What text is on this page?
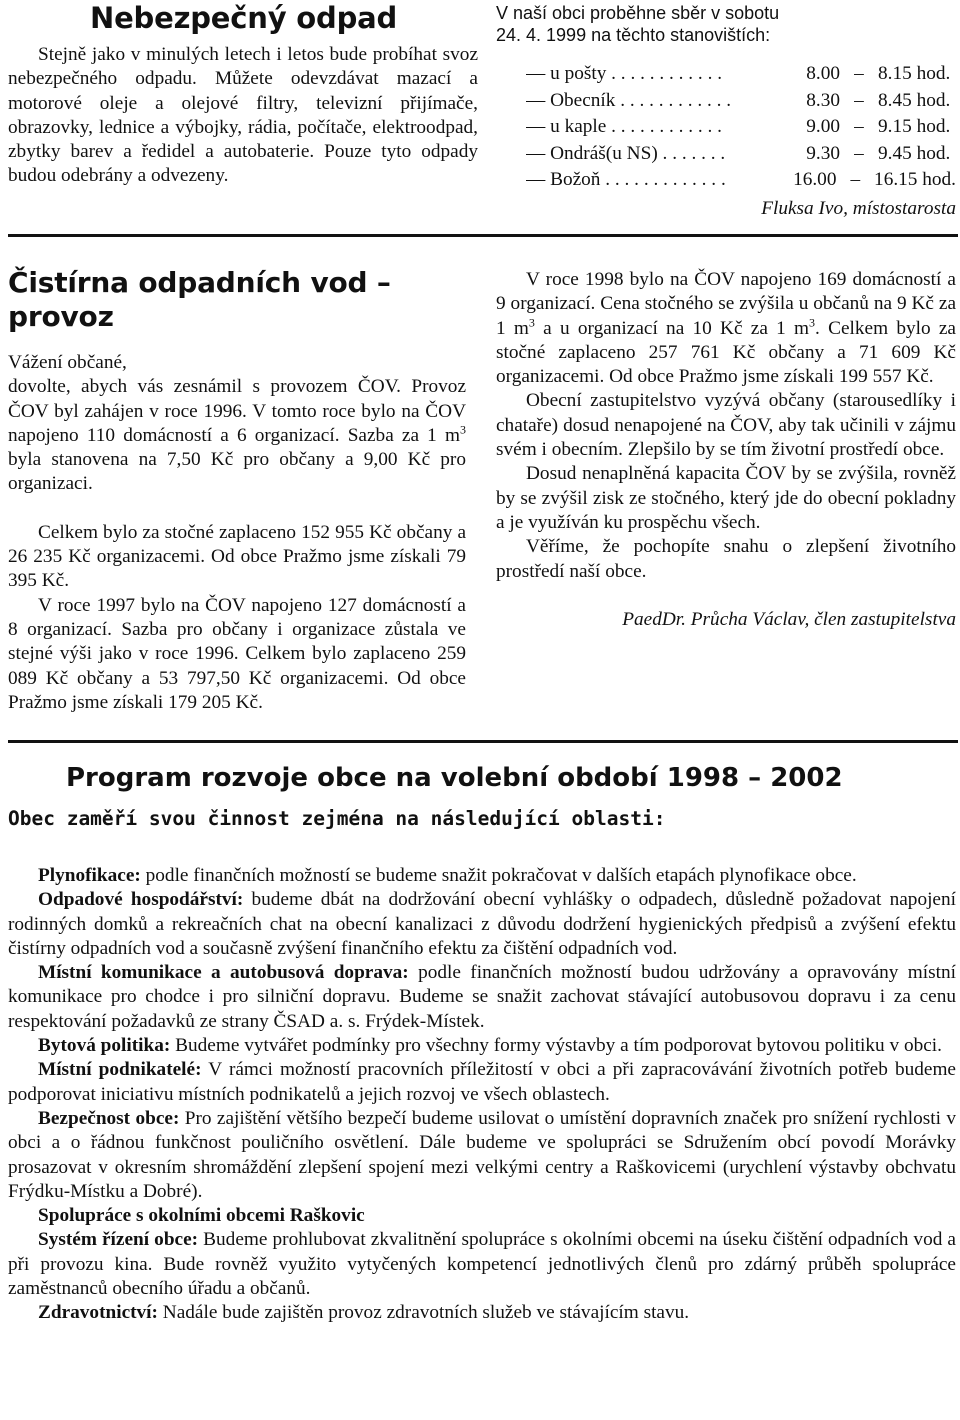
Nebezpečný odpad

Stejně jako v minulých letech i letos bude probíhat svoz nebezpečného odpadu. Můžete odevzdávat mazací a motorové oleje a olejové filtry, televizní přijímače, obrazovky, lednice a výbojky, rádia, počítače, elektroodpad, zbytky barev a ředidel a autobaterie. Pouze tyto odpady budou odebrány a odvezeny.

V naší obci proběhne sběr v sobotu 24. 4. 1999 na těchto stanovištích:

— u pošty . . . . . . . . . . . .	8.00 – 8.15 hod.
— Obecník . . . . . . . . . . . .	8.30 – 8.45 hod.
— u kaple . . . . . . . . . . . .	9.00 – 9.15 hod.
— Ondráš(u NS) . . . . . . .	9.30 – 9.45 hod.
— Božoň . . . . . . . . . . . . .	16.00 – 16.15 hod.

Fluksa Ivo, místostarosta

Čistírna odpadních vod – provoz

Vážení občané,

dovolte, abych vás zesnámil s provozem ČOV. Provoz ČOV byl zahájen v roce 1996. V tomto roce bylo na ČOV napojeno 110 domácností a 6 organizací. Sazba za 1 $m^3$ byla stanovena na 7,50 Kč pro občany a 9,00 Kč pro organizaci.

Celkem bylo za stočné zaplaceno 152 955 Kč občany a 26 235 Kč organizacemi. Od obce Pražmo jsme získali 79 395 Kč.

V roce 1997 bylo na ČOV napojeno 127 domácností a 8 organizací. Sazba pro občany i organizace zůstala ve stejné výši jako v roce 1996. Celkem bylo zaplaceno 259 089 Kč občany a 53 797,50 Kč organizacemi. Od obce Pražmo jsme získali 179 205 Kč.

V roce 1998 bylo na ČOV napojeno 169 domácností a 9 organizací. Cena stočného se zvýšila u občanů na 9 Kč za 1 $m^3$ a u organizací na 10 Kč za 1 $m^3$. Celkem bylo za stočné zaplaceno 257 761 Kč občany a 71 609 Kč organizacemi. Od obce Pražmo jsme získali 199 557 Kč.

Obecní zastupitelstvo vyzývá občany (starousedlíky i chataře) dosud nenapojené na ČOV, aby tak učinili v zájmu svém i obecním. Zlepšilo by se tím životní prostředí obce.

Dosud nenaplněná kapacita ČOV by se zvýšila, rovněž by se zvýšil zisk ze stočného, který jde do obecní pokladny a je využíván ku prospěchu všech.

Věříme, že pochopíte snahu o zlepšení životního prostředí naší obce.

PaedDr. Průcha Václav, člen zastupitelstva

Program rozvoje obce na volební období 1998 – 2002

Obec zaměří svou činnost zejména na následující oblasti:

Plynofikace: podle finančních možností se budeme snažit pokračovat v dalších etapách plynofikace obce.

Odpadové hospodářství: budeme dbát na dodržování obecní vyhlášky o odpadech, důsledně požadovat napojení rodinných domků a rekreačních chat na obecní kanalizaci z důvodu dodržení hygienických předpisů a zvýšení efektu čistírny odpadních vod a současně zvýšení finančního efektu za čištění odpadních vod.

Místní komunikace a autobusová doprava: podle finančních možností budou udržovány a opravovány místní komunikace pro chodce i pro silniční dopravu. Budeme se snažit zachovat stávající autobusovou dopravu i za cenu respektování požadavků ze strany ČSAD a. s. Frýdek-Místek.

Bytová politika: Budeme vytvářet podmínky pro všechny formy výstavby a tím podporovat bytovou politiku v obci.

Místní podnikatelé: V rámci možností pracovních příležitostí v obci a při zapracovávání životních potřeb budeme podporovat iniciativu místních podnikatelů a jejich rozvoj ve všech oblastech.

Bezpečnost obce: Pro zajištění většího bezpečí budeme usilovat o umístění dopravních značek pro snížení rychlosti v obci a o řádnou funkčnost pouličního osvětlení. Dále budeme ve spolupráci se Sdružením obcí povodí Morávky prosazovat v okresním shromáždění zlepšení spojení mezi velkými centry a Raškovicemi (urychlení výstavby obchvatu Frýdku-Místku a Dobré).

Spolupráce s okolními obcemi Raškovic

Systém řízení obce: Budeme prohlubovat zkvalitnění spolupráce s okolními obcemi na úseku čištění odpadních vod a při provozu kina. Bude rovněž využito vytyčených kompetencí jednotlivých členů pro zdárný průběh spolupráce zaměstnanců obecního úřadu a občanů.

Zdravotnictví: Nadále bude zajištěn provoz zdravotních služeb ve stávajícím stavu.
